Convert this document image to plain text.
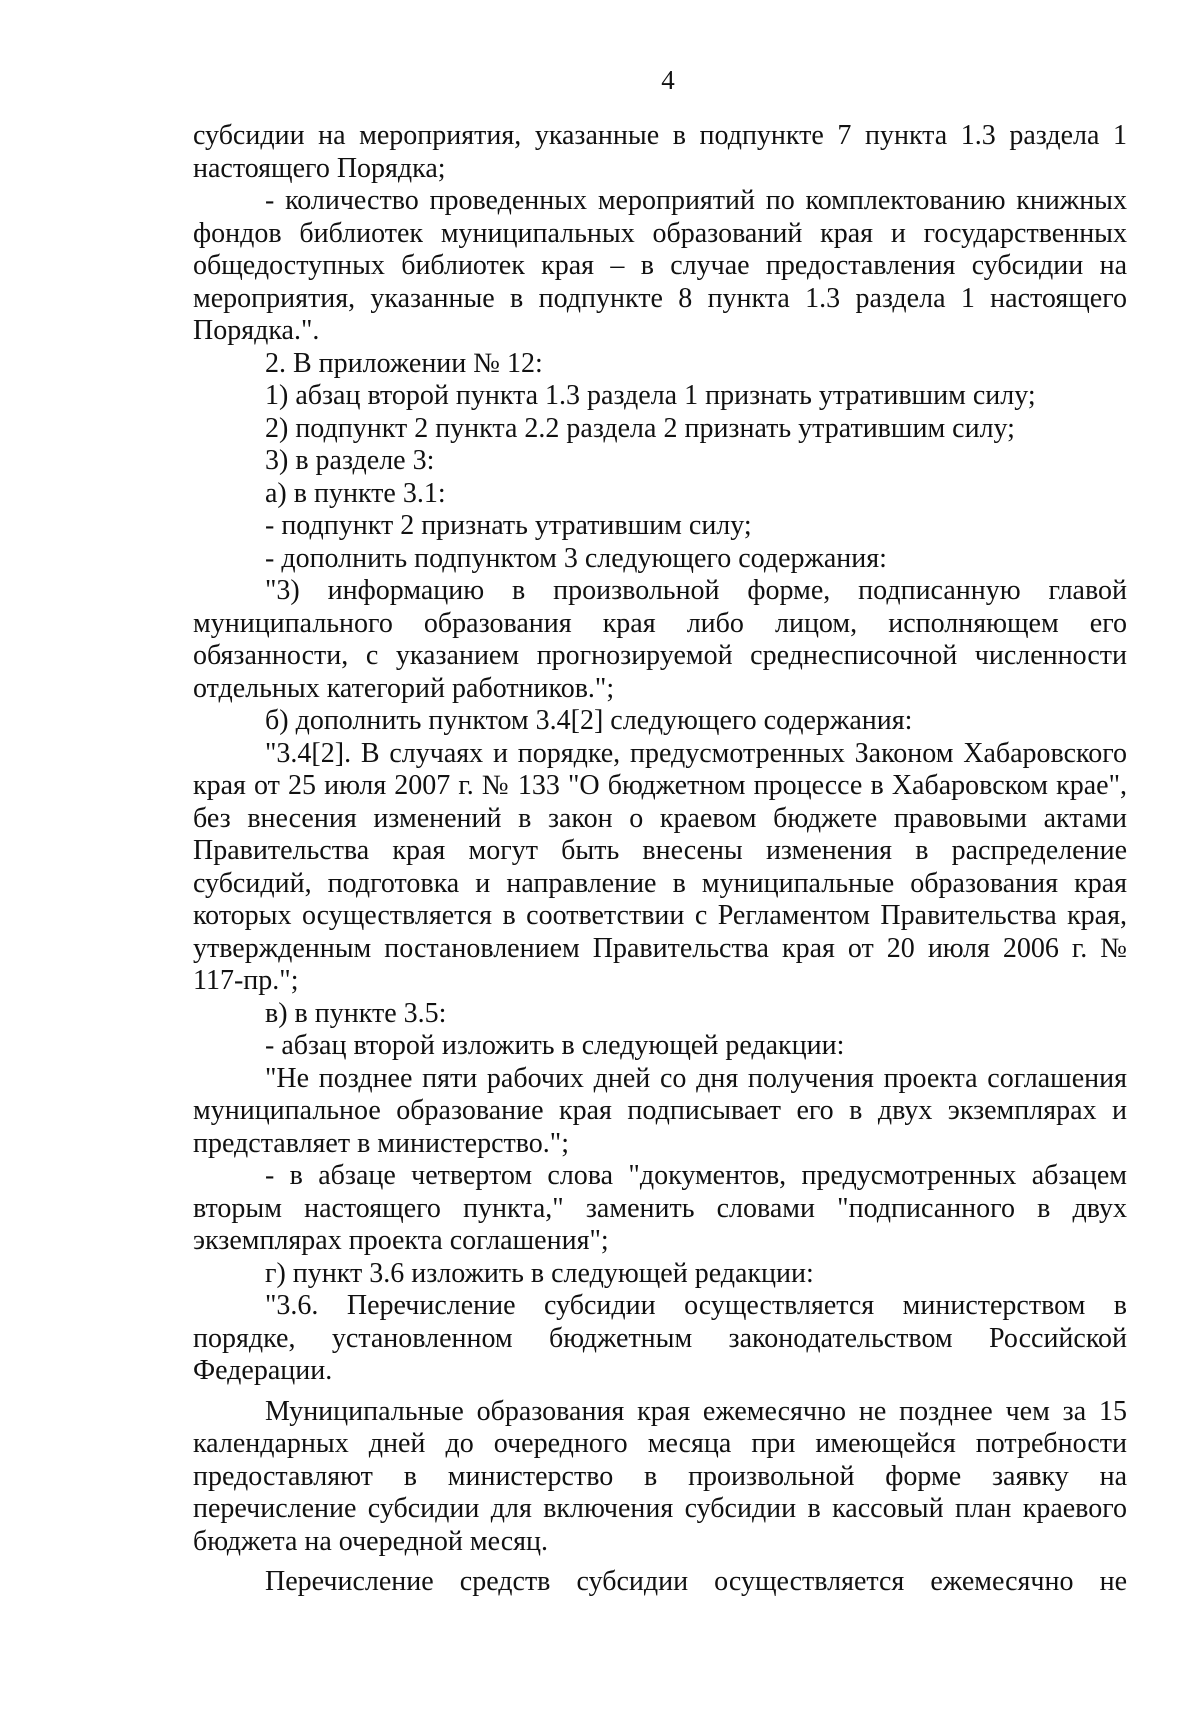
4

субсидии на мероприятия, указанные в подпункте 7 пункта 1.3 раздела 1 настоящего Порядка;

- количество проведенных мероприятий по комплектованию книжных фондов библиотек муниципальных образований края и государственных общедоступных библиотек края – в случае предоставления субсидии на мероприятия, указанные в подпункте 8 пункта 1.3 раздела 1 настоящего Порядка.".

2. В приложении № 12:

1) абзац второй пункта 1.3 раздела 1 признать утратившим силу;

2) подпункт 2 пункта 2.2 раздела 2 признать утратившим силу;

3) в разделе 3:

а) в пункте 3.1:

- подпункт 2 признать утратившим силу;

- дополнить подпунктом 3 следующего содержания:

"3) информацию в произвольной форме, подписанную главой муниципального образования края либо лицом, исполняющем его обязанности, с указанием прогнозируемой среднесписочной численности отдельных категорий работников.";

б) дополнить пунктом 3.4[2] следующего содержания:

"3.4[2]. В случаях и порядке, предусмотренных Законом Хабаровского края от 25 июля 2007 г. № 133 "О бюджетном процессе в Хабаровском крае", без внесения изменений в закон о краевом бюджете правовыми актами Правительства края могут быть внесены изменения в распределение субсидий, подготовка и направление в муниципальные образования края которых осуществляется в соответствии с Регламентом Правительства края, утвержденным постановлением Правительства края от 20 июля 2006 г. № 117-пр.";

в) в пункте 3.5:

- абзац второй изложить в следующей редакции:

"Не позднее пяти рабочих дней со дня получения проекта соглашения муниципальное образование края подписывает его в двух экземплярах и представляет в министерство.";

- в абзаце четвертом слова "документов, предусмотренных абзацем вторым настоящего пункта," заменить словами "подписанного в двух экземплярах проекта соглашения";

г) пункт 3.6 изложить в следующей редакции:

"3.6. Перечисление субсидии осуществляется министерством в порядке, установленном бюджетным законодательством Российской Федерации.

Муниципальные образования края ежемесячно не позднее чем за 15 календарных дней до очередного месяца при имеющейся потребности предоставляют в министерство в произвольной форме заявку на перечисление субсидии для включения субсидии в кассовый план краевого бюджета на очередной месяц.

Перечисление средств субсидии осуществляется ежемесячно не
